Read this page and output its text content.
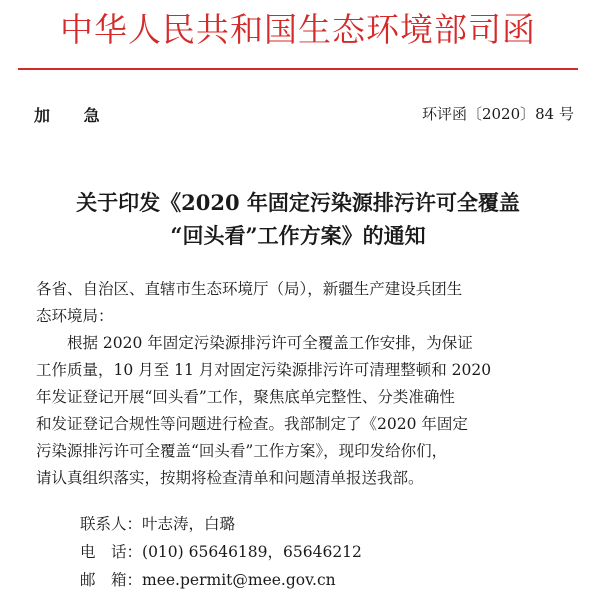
中华人民共和国生态环境部司函
加 急	环评函〔2020〕84 号
关于印发《2020 年固定污染源排污许可全覆盖
“回头看”工作方案》的通知
各省、自治区、直辖市生态环境厅（局），新疆生产建设兵团生
态环境局：
　　根据 2020 年固定污染源排污许可全覆盖工作安排，为保证
工作质量，10 月至 11 月对固定污染源排污许可清理整顿和 2020
年发证登记开展“回头看”工作，聚焦底单完整性、分类准确性
和发证登记合规性等问题进行检查。我部制定了《2020 年固定
污染源排污许可全覆盖“回头看”工作方案》，现印发给你们，
请认真组织落实，按期将检查清单和问题清单报送我部。
联系人：叶志涛，白璐
电　话：(010) 65646189，65646212
邮　箱：mee.permit@mee.gov.cn
